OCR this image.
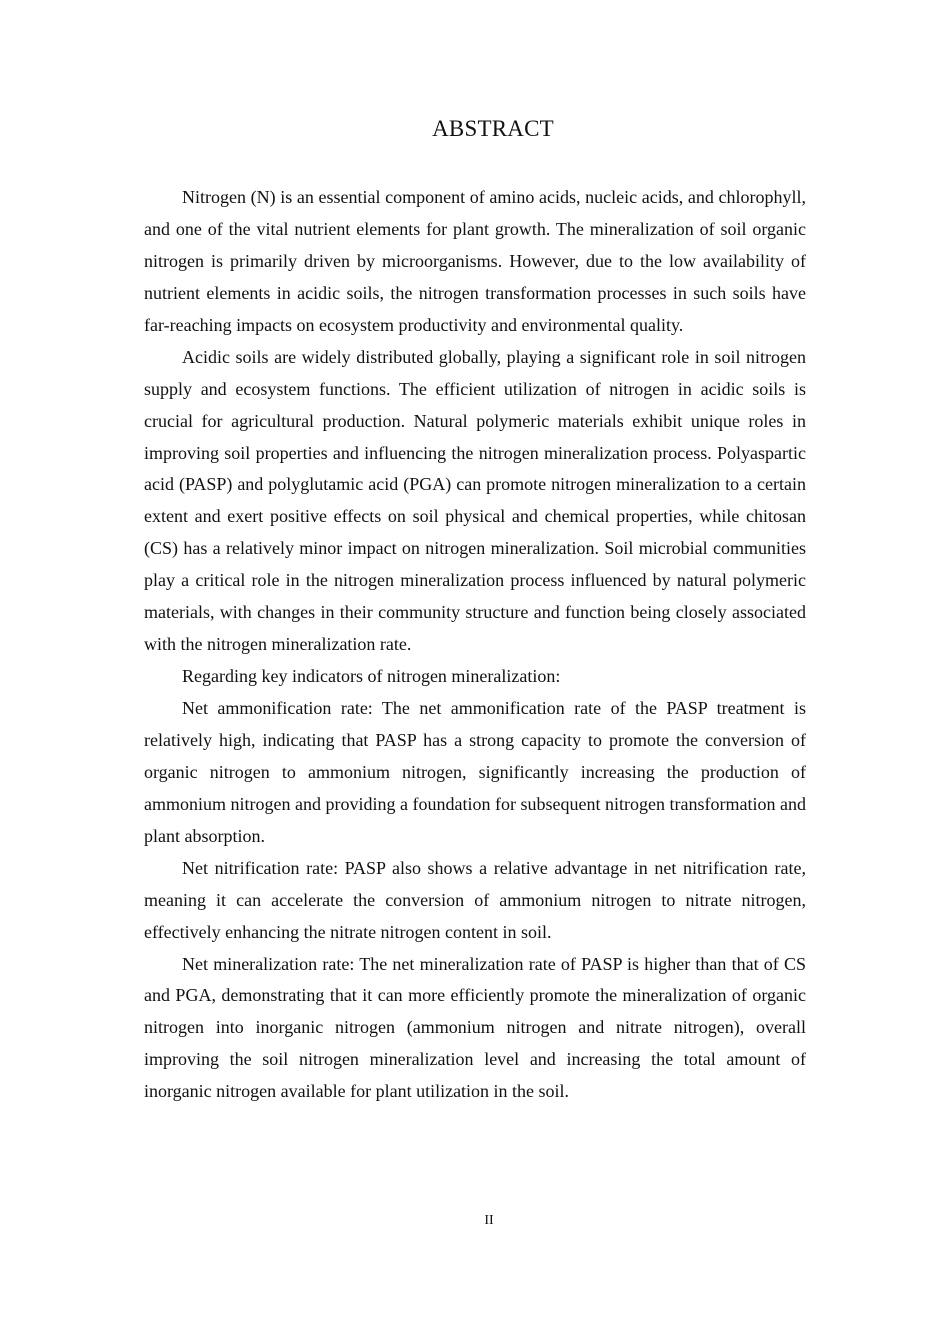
ABSTRACT

Nitrogen (N) is an essential component of amino acids, nucleic acids, and chlorophyll, and one of the vital nutrient elements for plant growth. The mineralization of soil organic nitrogen is primarily driven by microorganisms. However, due to the low availability of nutrient elements in acidic soils, the nitrogen transformation processes in such soils have far-reaching impacts on ecosystem productivity and environmental quality.

Acidic soils are widely distributed globally, playing a significant role in soil nitrogen supply and ecosystem functions. The efficient utilization of nitrogen in acidic soils is crucial for agricultural production. Natural polymeric materials exhibit unique roles in improving soil properties and influencing the nitrogen mineralization process. Polyaspartic acid (PASP) and polyglutamic acid (PGA) can promote nitrogen mineralization to a certain extent and exert positive effects on soil physical and chemical properties, while chitosan (CS) has a relatively minor impact on nitrogen mineralization. Soil microbial communities play a critical role in the nitrogen mineralization process influenced by natural polymeric materials, with changes in their community structure and function being closely associated with the nitrogen mineralization rate.

Regarding key indicators of nitrogen mineralization:

Net ammonification rate: The net ammonification rate of the PASP treatment is relatively high, indicating that PASP has a strong capacity to promote the conversion of organic nitrogen to ammonium nitrogen, significantly increasing the production of ammonium nitrogen and providing a foundation for subsequent nitrogen transformation and plant absorption.

Net nitrification rate: PASP also shows a relative advantage in net nitrification rate, meaning it can accelerate the conversion of ammonium nitrogen to nitrate nitrogen, effectively enhancing the nitrate nitrogen content in soil.

Net mineralization rate: The net mineralization rate of PASP is higher than that of CS and PGA, demonstrating that it can more efficiently promote the mineralization of organic nitrogen into inorganic nitrogen (ammonium nitrogen and nitrate nitrogen), overall improving the soil nitrogen mineralization level and increasing the total amount of inorganic nitrogen available for plant utilization in the soil.

II
